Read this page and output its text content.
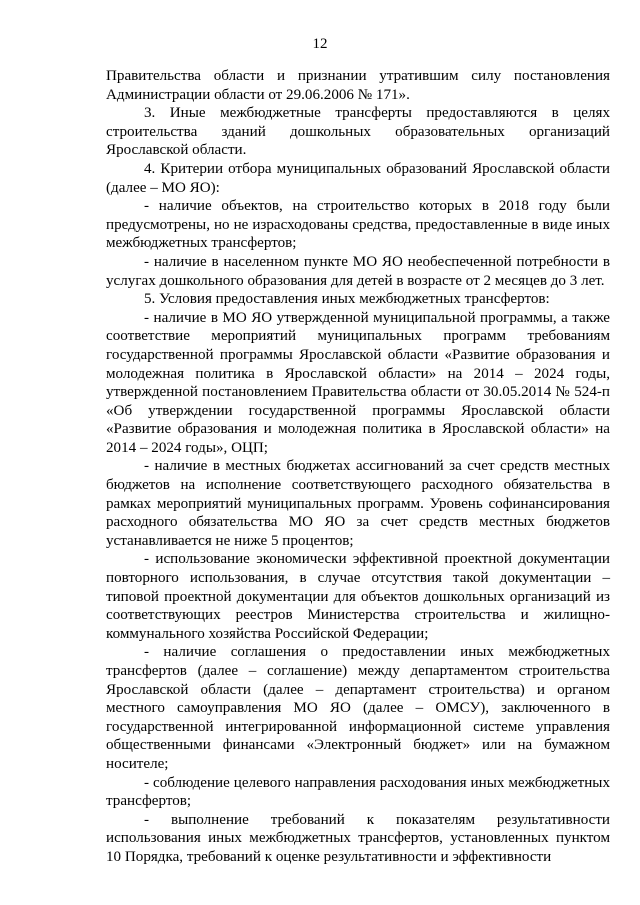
12

Правительства области и признании утратившим силу постановления Администрации области от 29.06.2006 № 171».

3. Иные межбюджетные трансферты предоставляются в целях строительства зданий дошкольных образовательных организаций Ярославской области.

4. Критерии отбора муниципальных образований Ярославской области (далее – МО ЯО):

- наличие объектов, на строительство которых в 2018 году были предусмотрены, но не израсходованы средства, предоставленные в виде иных межбюджетных трансфертов;

- наличие в населенном пункте МО ЯО необеспеченной потребности в услугах дошкольного образования для детей в возрасте от 2 месяцев до 3 лет.

5. Условия предоставления иных межбюджетных трансфертов:

- наличие в МО ЯО утвержденной муниципальной программы, а также соответствие мероприятий муниципальных программ требованиям государственной программы Ярославской области «Развитие образования и молодежная политика в Ярославской области» на 2014 – 2024 годы, утвержденной постановлением Правительства области от 30.05.2014 № 524-п «Об утверждении государственной программы Ярославской области «Развитие образования и молодежная политика в Ярославской области» на 2014 – 2024 годы», ОЦП;

- наличие в местных бюджетах ассигнований за счет средств местных бюджетов на исполнение соответствующего расходного обязательства в рамках мероприятий муниципальных программ. Уровень софинансирования расходного обязательства МО ЯО за счет средств местных бюджетов устанавливается не ниже 5 процентов;

- использование экономически эффективной проектной документации повторного использования, в случае отсутствия такой документации – типовой проектной документации для объектов дошкольных организаций из соответствующих реестров Министерства строительства и жилищно-коммунального хозяйства Российской Федерации;

- наличие соглашения о предоставлении иных межбюджетных трансфертов (далее – соглашение) между департаментом строительства Ярославской области (далее – департамент строительства) и органом местного самоуправления МО ЯО (далее – ОМСУ), заключенного в государственной интегрированной информационной системе управления общественными финансами «Электронный бюджет» или на бумажном носителе;

- соблюдение целевого направления расходования иных межбюджетных трансфертов;

- выполнение требований к показателям результативности использования иных межбюджетных трансфертов, установленных пунктом 10 Порядка, требований к оценке результативности и эффективности
